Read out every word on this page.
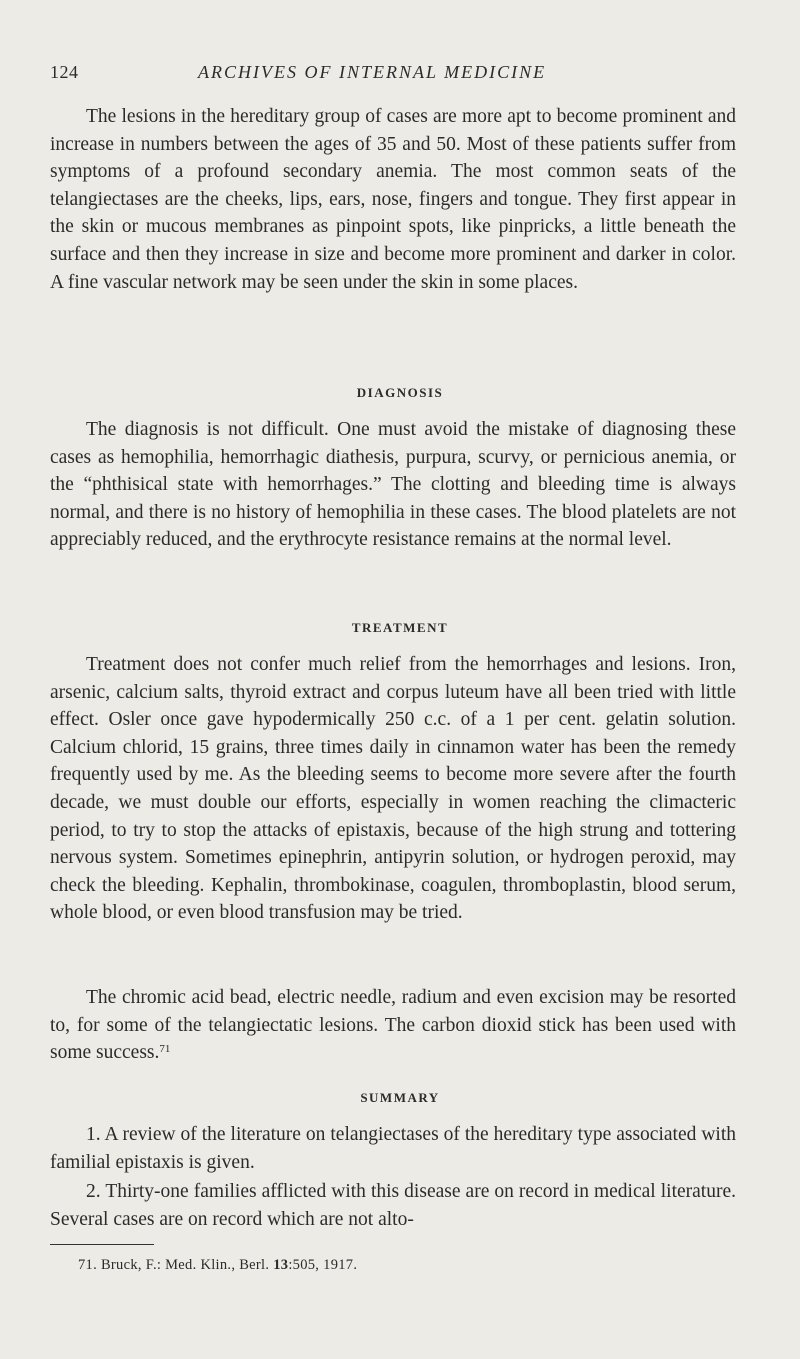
124	ARCHIVES OF INTERNAL MEDICINE

The lesions in the hereditary group of cases are more apt to become prominent and increase in numbers between the ages of 35 and 50. Most of these patients suffer from symptoms of a profound secondary anemia. The most common seats of the telangiectases are the cheeks, lips, ears, nose, fingers and tongue. They first appear in the skin or mucous membranes as pinpoint spots, like pinpricks, a little beneath the surface and then they increase in size and become more prominent and darker in color. A fine vascular network may be seen under the skin in some places.

DIAGNOSIS

The diagnosis is not difficult. One must avoid the mistake of diagnosing these cases as hemophilia, hemorrhagic diathesis, purpura, scurvy, or pernicious anemia, or the “phthisical state with hemorrhages.” The clotting and bleeding time is always normal, and there is no history of hemophilia in these cases. The blood platelets are not appreciably reduced, and the erythrocyte resistance remains at the normal level.

TREATMENT

Treatment does not confer much relief from the hemorrhages and lesions. Iron, arsenic, calcium salts, thyroid extract and corpus luteum have all been tried with little effect. Osler once gave hypodermically 250 c.c. of a 1 per cent. gelatin solution. Calcium chlorid, 15 grains, three times daily in cinnamon water has been the remedy frequently used by me. As the bleeding seems to become more severe after the fourth decade, we must double our efforts, especially in women reaching the climacteric period, to try to stop the attacks of epistaxis, because of the high strung and tottering nervous system. Sometimes epinephrin, antipyrin solution, or hydrogen peroxid, may check the bleeding. Kephalin, thrombokinase, coagulen, thromboplastin, blood serum, whole blood, or even blood transfusion may be tried.

The chromic acid bead, electric needle, radium and even excision may be resorted to, for some of the telangiectatic lesions. The carbon dioxid stick has been used with some success.$^{71}$

SUMMARY

1. A review of the literature on telangiectases of the hereditary type associated with familial epistaxis is given.

2. Thirty-one families afflicted with this disease are on record in medical literature. Several cases are on record which are not alto-

71. Bruck, F.: Med. Klin., Berl. 13:505, 1917.
